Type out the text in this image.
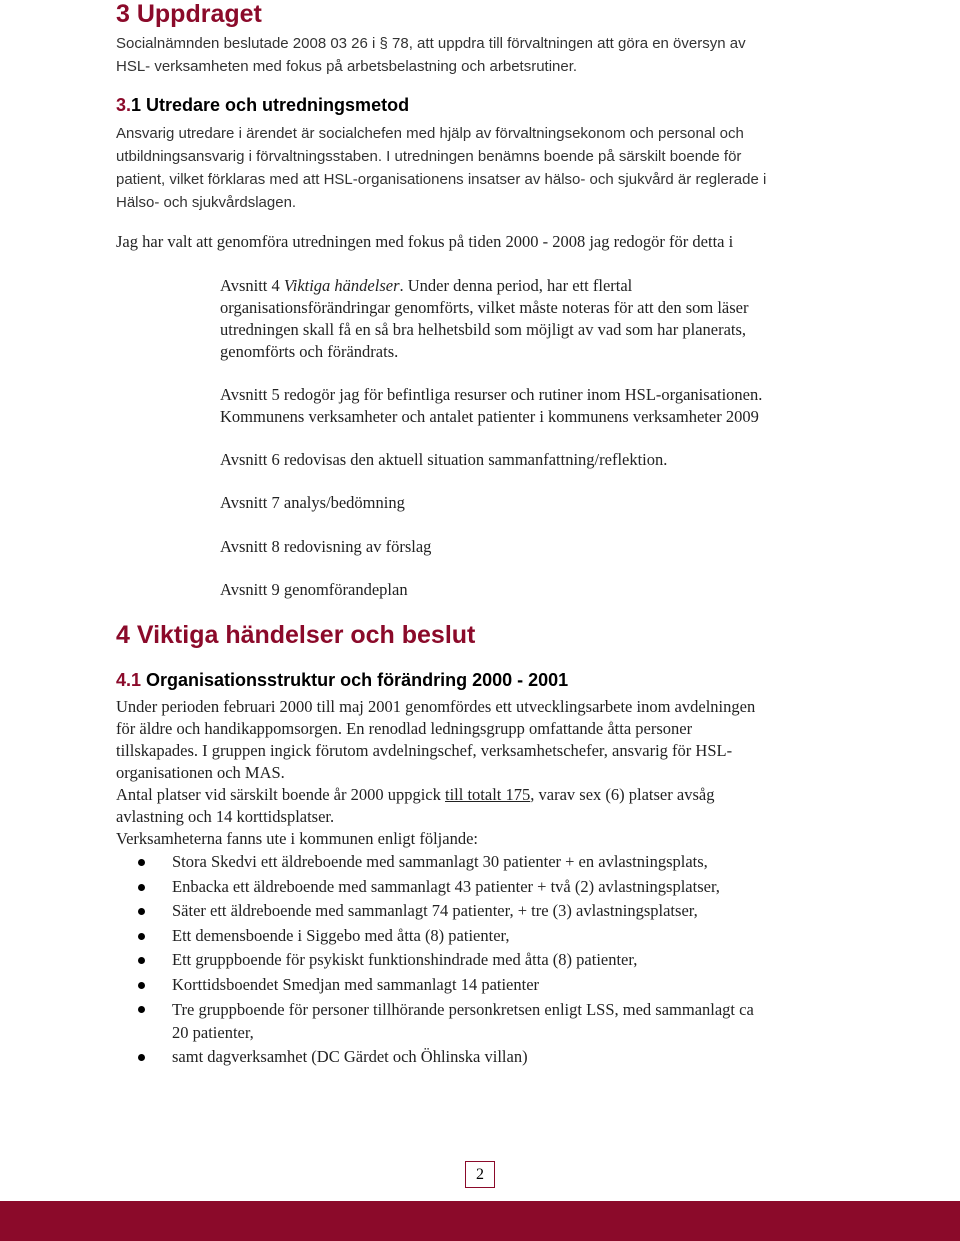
3 Uppdraget
Socialnämnden beslutade 2008 03 26 i § 78, att uppdra till förvaltningen att göra en översyn av
HSL- verksamheten med fokus på arbetsbelastning och arbetsrutiner.
3.1 Utredare och utredningsmetod
Ansvarig utredare i ärendet är socialchefen med hjälp av förvaltningsekonom och personal och
utbildningsansvarig i förvaltningsstaben. I utredningen benämns boende på särskilt boende för
patient, vilket förklaras med att HSL-organisationens insatser av hälso- och sjukvård är reglerade i
Hälso- och sjukvårdslagen.
Jag har valt att genomföra utredningen med fokus på tiden 2000 - 2008 jag redogör för detta i
Avsnitt 4 Viktiga händelser. Under denna period, har ett flertal
organisationsförändringar genomförts, vilket måste noteras för att den som läser
utredningen skall få en så bra helhetsbild som möjligt av vad som har planerats,
genomförts och förändrats.
Avsnitt 5 redogör jag för befintliga resurser och rutiner inom HSL-organisationen.
Kommunens verksamheter och antalet patienter i kommunens verksamheter 2009
Avsnitt 6 redovisas den aktuell situation sammanfattning/reflektion.
Avsnitt 7 analys/bedömning
Avsnitt 8 redovisning av förslag
Avsnitt 9 genomförandeplan
4 Viktiga händelser och beslut
4.1 Organisationsstruktur och förändring 2000 - 2001
Under perioden februari 2000 till maj 2001 genomfördes ett utvecklingsarbete inom avdelningen
för äldre och handikappomsorgen. En renodlad ledningsgrupp omfattande åtta personer
tillskapades. I gruppen ingick förutom avdelningschef, verksamhetschefer, ansvarig för HSL-
organisationen och MAS.
Antal platser vid särskilt boende år 2000 uppgick till totalt 175, varav sex (6) platser avsåg
avlastning och 14 korttidsplatser.
Verksamheterna fanns ute i kommunen enligt följande:
Stora Skedvi ett äldreboende med sammanlagt 30 patienter + en avlastningsplats,
Enbacka ett äldreboende med sammanlagt 43 patienter + två (2) avlastningsplatser,
Säter ett äldreboende med sammanlagt 74 patienter, + tre (3) avlastningsplatser,
Ett demensboende i Siggebo med åtta (8) patienter,
Ett gruppboende för psykiskt funktionshindrade med åtta (8) patienter,
Korttidsboendet Smedjan med sammanlagt 14 patienter
Tre gruppboende för personer tillhörande personkretsen enligt LSS, med sammanlagt ca
20 patienter,
samt dagverksamhet (DC Gärdet och Öhlinska villan)
2
